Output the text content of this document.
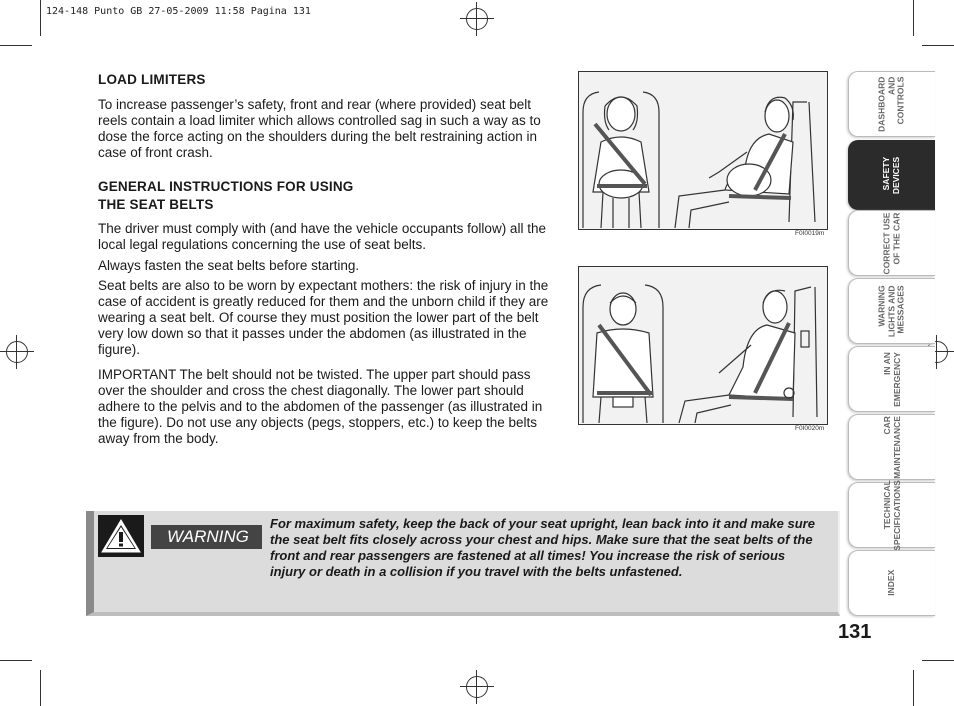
124-148 Punto GB 27-05-2009 11:58 Pagina 131
LOAD LIMITERS
To increase passenger’s safety, front and rear (where provided) seat belt reels contain a load limiter which allows controlled sag in such a way as to dose the force acting on the shoulders during the belt restraining action in case of front crash.
GENERAL INSTRUCTIONS FOR USING
THE SEAT BELTS
The driver must comply with (and have the vehicle occupants follow) all the local legal regulations concerning the use of seat belts.
Always fasten the seat belts before starting.
Seat belts are also to be worn by expectant mothers: the risk of injury in the case of accident is greatly reduced for them and the unborn child if they are wearing a seat belt. Of course they must position the lower part of the belt very low down so that it passes under the abdomen (as illustrated in the figure).
IMPORTANT The belt should not be twisted. The upper part should pass over the shoulder and cross the chest diagonally. The lower part should adhere to the pelvis and to the abdomen of the passenger (as illustrated in the figure). Do not use any objects (pegs, stoppers, etc.) to keep the belts away from the body.
F0I0019m
F0I0020m
WARNING
For maximum safety, keep the back of your seat upright, lean back into it and make sure the seat belt fits closely across your chest and hips. Make sure that the seat belts of the front and rear passengers are fastened at all times! You increase the risk of serious injury or death in a collision if you travel with the belts unfastened.
DASHBOARD
AND
CONTROLS
SAFETY
DEVICES
CORRECT USE
OF THE CAR
WARNING
LIGHTS AND
MESSAGES
IN AN
EMERGENCY
CAR
MAINTENANCE
TECHNICAL
SPECIFICATIONS
INDEX
131
